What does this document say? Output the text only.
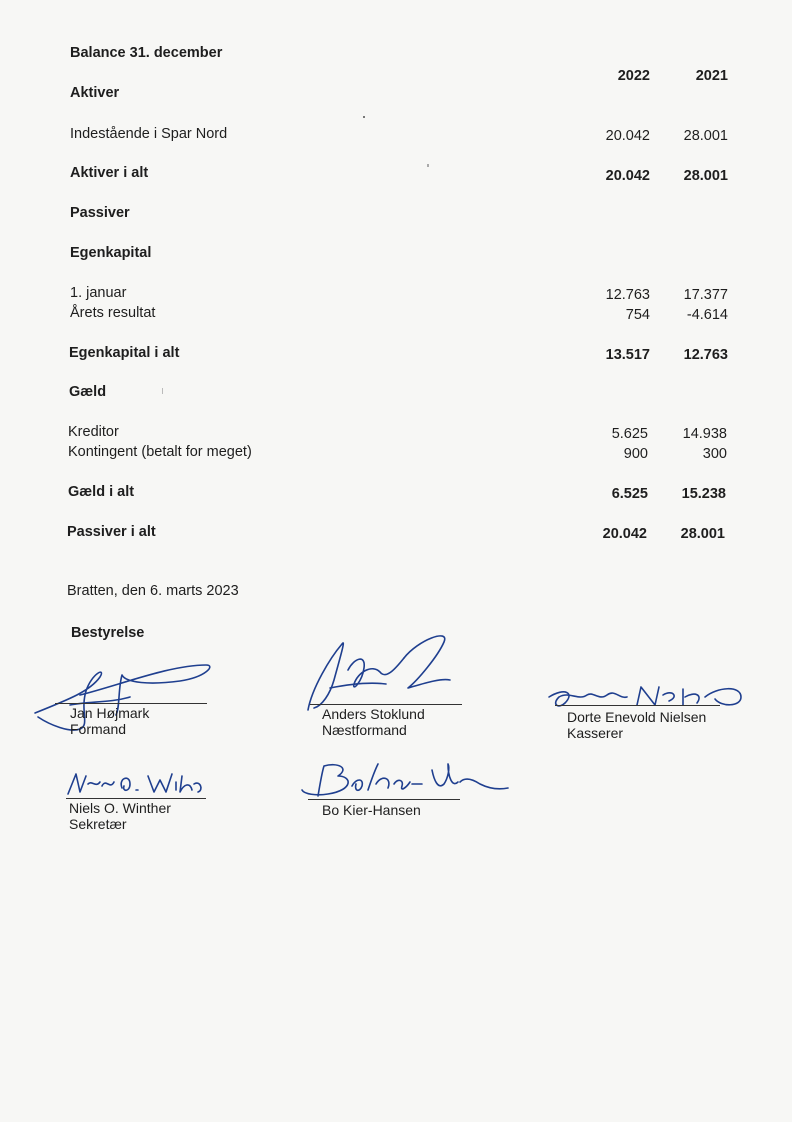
Balance 31. december
2022	2021
Aktiver
Indestående i Spar Nord	20.042 28.001
Aktiver i alt	20.042 28.001
Passiver
Egenkapital
1. januar	12.763 17.377
Årets resultat	754	-4.614
Egenkapital i alt	13.517 12.763
Gæld
Kreditor	5.625 14.938
Kontingent (betalt for meget)	900	300
Gæld i alt	6.525 15.238
Passiver i alt	20.042 28.001
Bratten, den 6. marts 2023
Bestyrelse
Jan Højmark
Formand
Anders Stoklund
Næstformand
Dorte Enevold Nielsen
Kasserer
Niels O. Winther
Sekretær
Bo Kier-Hansen
